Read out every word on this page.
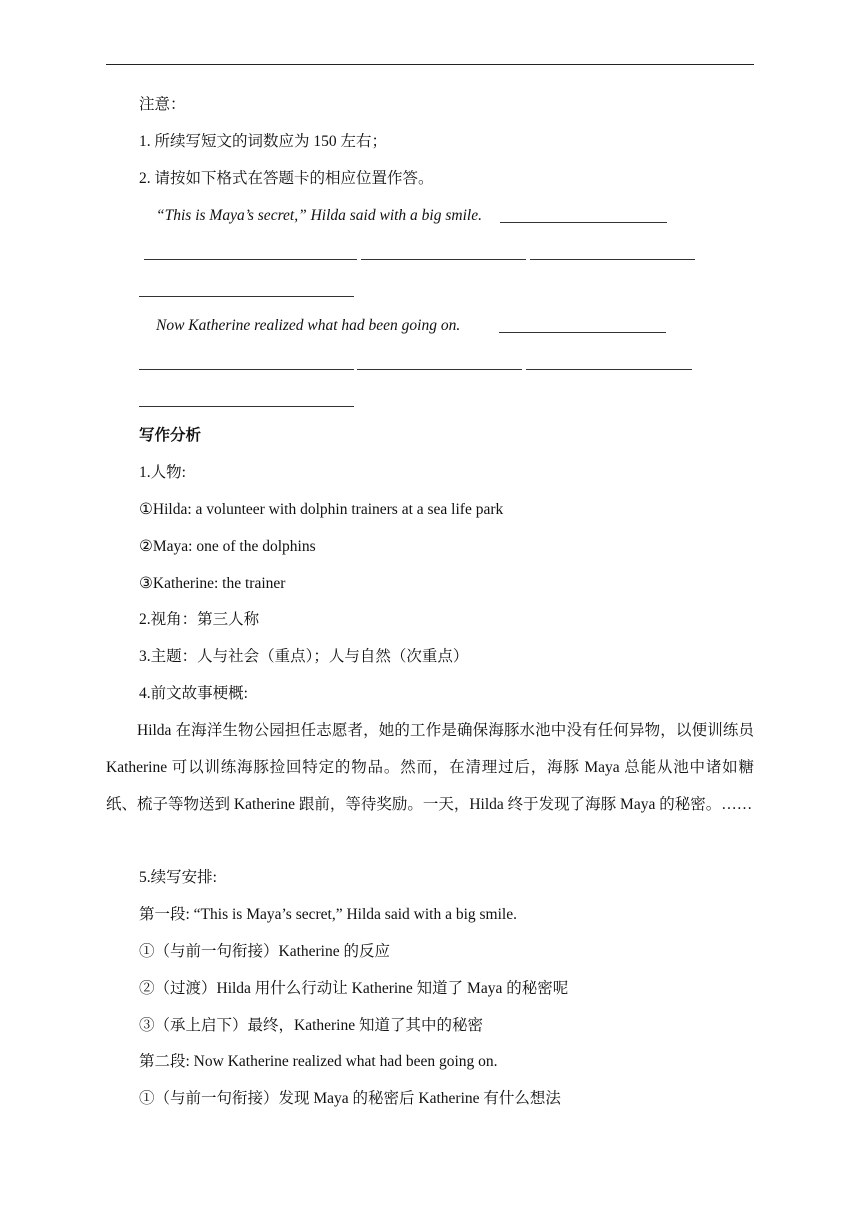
注意：
1. 所续写短文的词数应为 150 左右；
2. 请按如下格式在答题卡的相应位置作答。
“This is Maya’s secret,” Hilda said with a big smile.
Now Katherine realized what had been going on.
写作分析
1.人物:
①Hilda: a volunteer with dolphin trainers at a sea life park
②Maya: one of the dolphins
③Katherine: the trainer
2.视角：第三人称
3.主题：人与社会（重点）；人与自然（次重点）
4.前文故事梗概:

Hilda 在海洋生物公园担任志愿者，她的工作是确保海豚水池中没有任何异物，以便训练员 Katherine 可以训练海豚捡回特定的物品。然而，在清理过后，海豚 Maya 总能从池中诸如糖纸、梳子等物送到 Katherine 跟前，等待奖励。一天，Hilda 终于发现了海豚 Maya 的秘密。……

5.续写安排:
第一段: “This is Maya’s secret,” Hilda said with a big smile.
①（与前一句衔接）Katherine 的反应
②（过渡）Hilda 用什么行动让 Katherine 知道了 Maya 的秘密呢
③（承上启下）最终，Katherine 知道了其中的秘密
第二段: Now Katherine realized what had been going on.
①（与前一句衔接）发现 Maya 的秘密后 Katherine 有什么想法
